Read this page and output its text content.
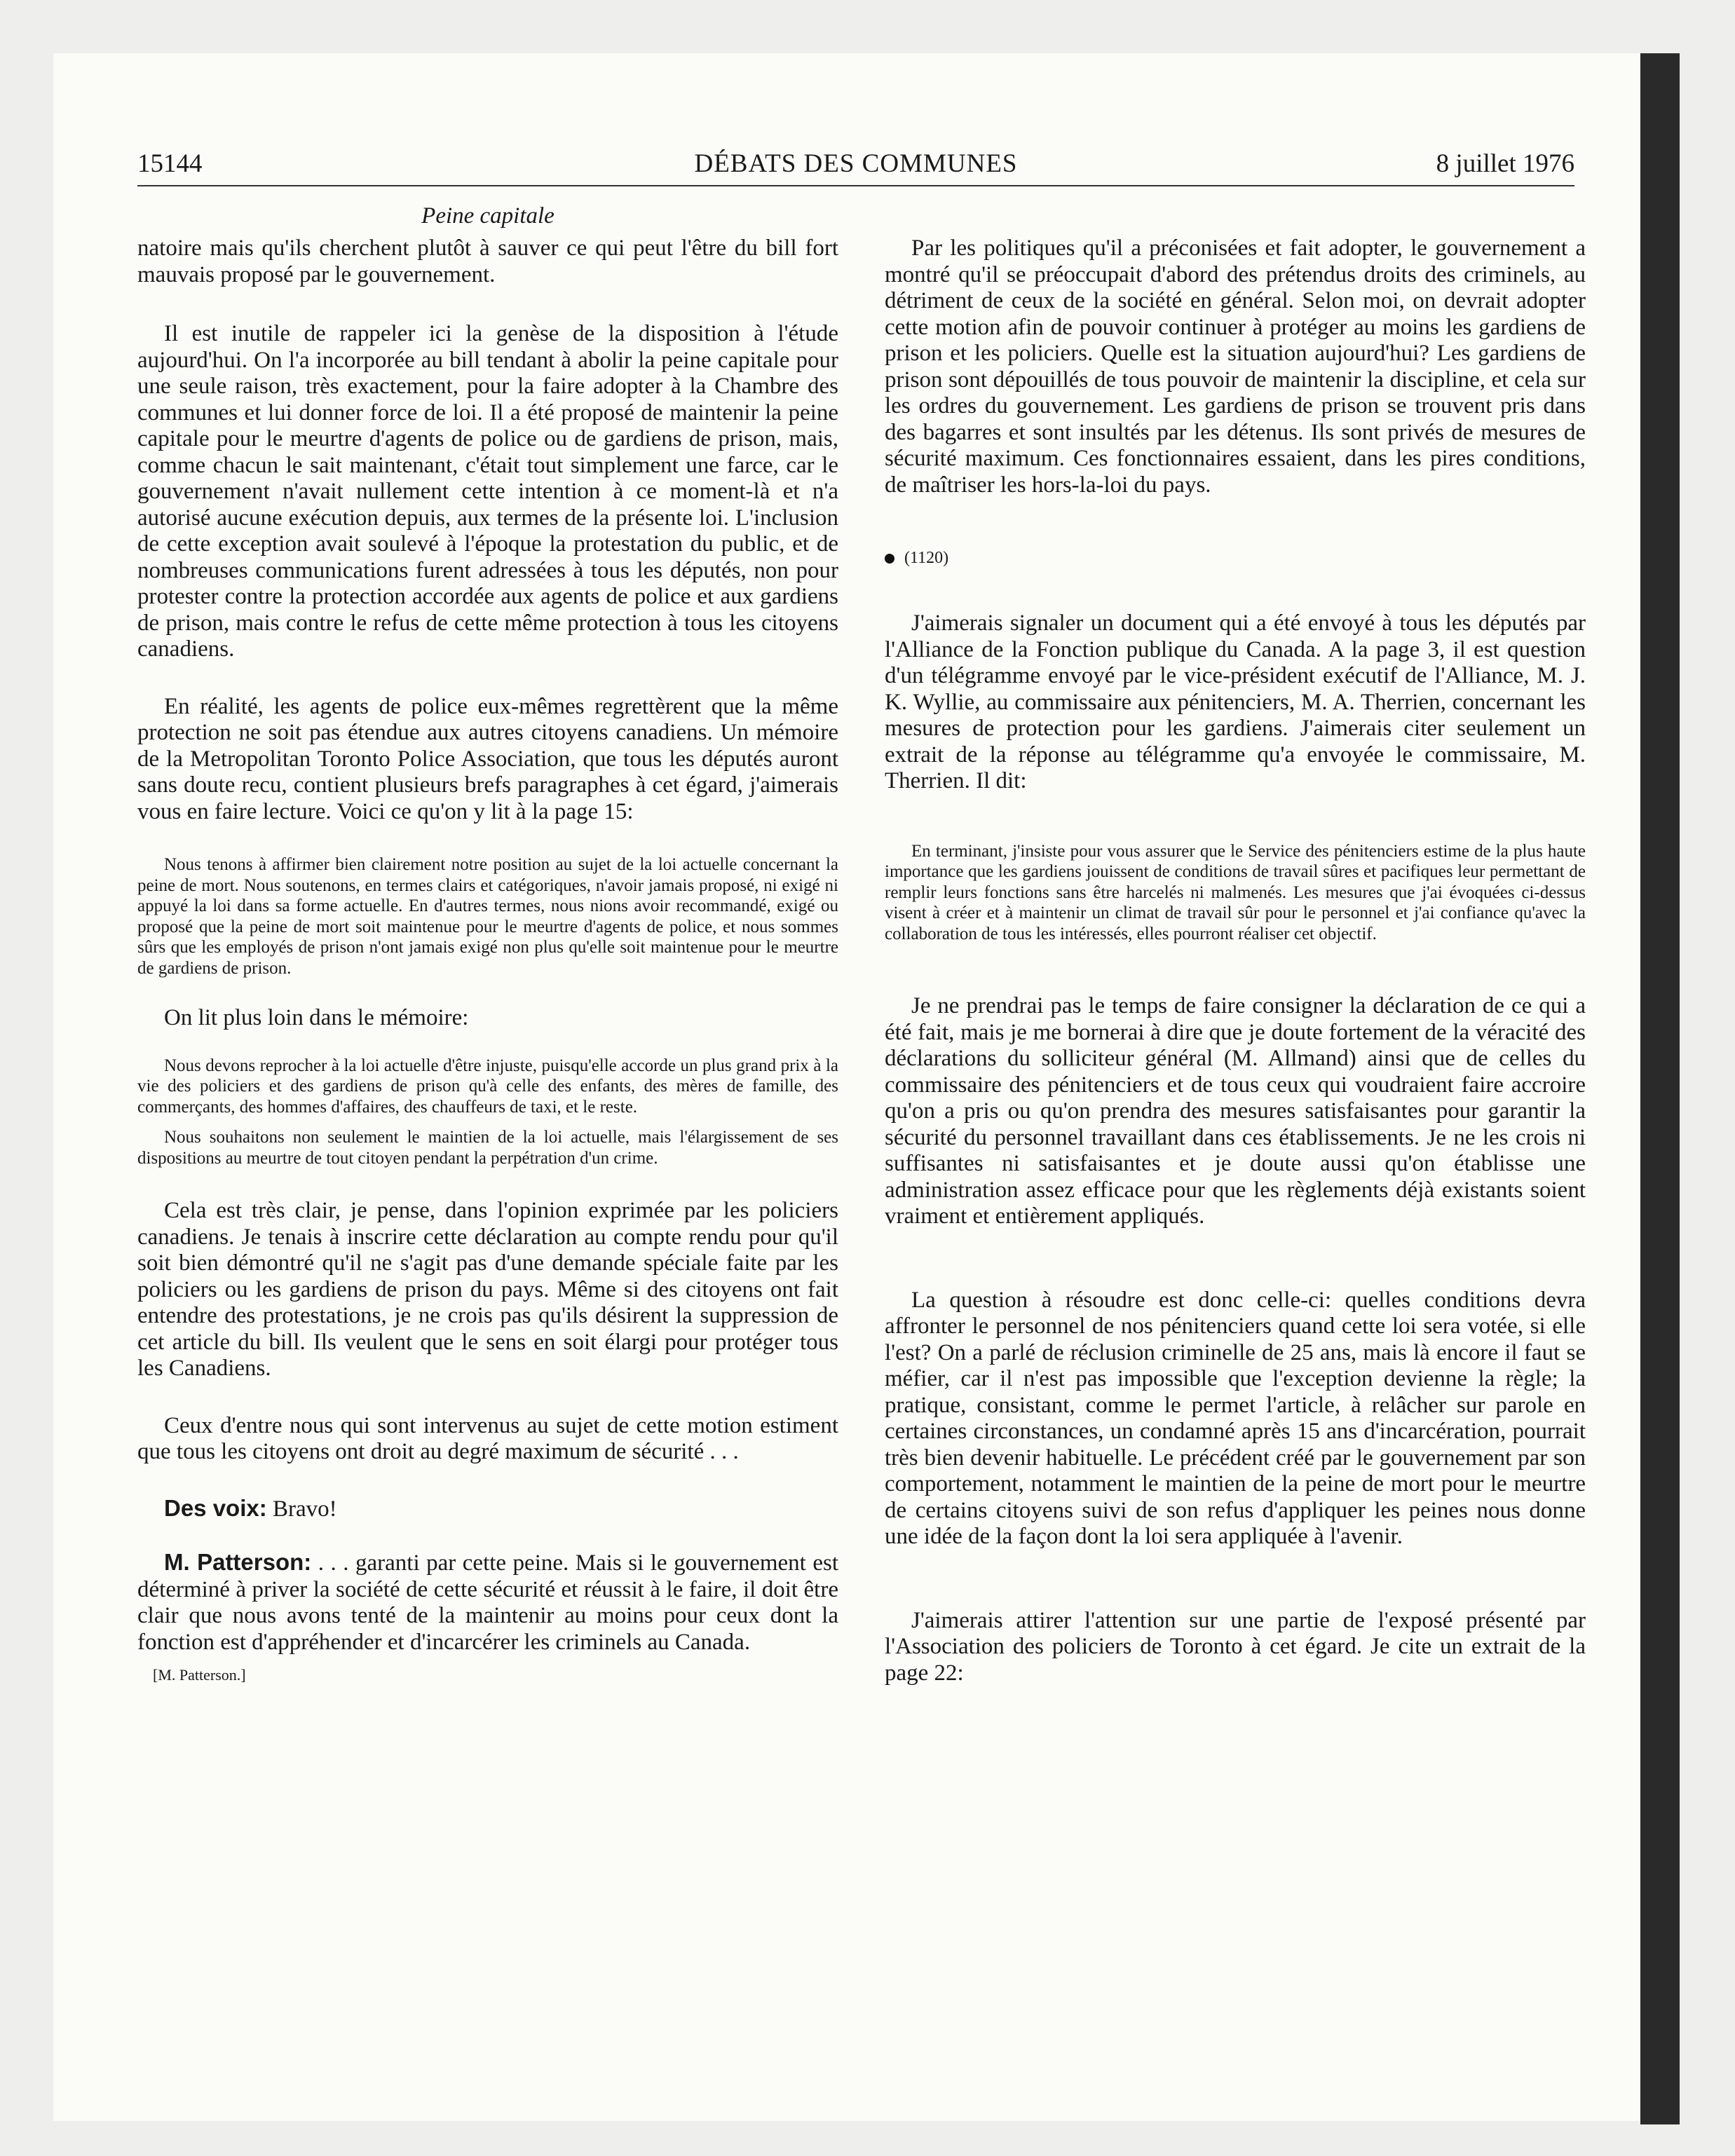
15144	DÉBATS DES COMMUNES	8 juillet 1976
Peine capitale

natoire mais qu'ils cherchent plutôt à sauver ce qui peut l'être du bill fort mauvais proposé par le gouvernement.

Il est inutile de rappeler ici la genèse de la disposition à l'étude aujourd'hui. On l'a incorporée au bill tendant à abolir la peine capitale pour une seule raison, très exactement, pour la faire adopter à la Chambre des communes et lui donner force de loi. Il a été proposé de maintenir la peine capitale pour le meurtre d'agents de police ou de gardiens de prison, mais, comme chacun le sait maintenant, c'était tout simplement une farce, car le gouvernement n'avait nullement cette intention à ce moment-là et n'a autorisé aucune exécution depuis, aux termes de la présente loi. L'inclusion de cette exception avait soulevé à l'époque la protestation du public, et de nombreuses communications furent adressées à tous les députés, non pour protester contre la protection accordée aux agents de police et aux gardiens de prison, mais contre le refus de cette même protection à tous les citoyens canadiens.

En réalité, les agents de police eux-mêmes regrettèrent que la même protection ne soit pas étendue aux autres citoyens canadiens. Un mémoire de la Metropolitan Toronto Police Association, que tous les députés auront sans doute recu, contient plusieurs brefs paragraphes à cet égard, j'aimerais vous en faire lecture. Voici ce qu'on y lit à la page 15:

Nous tenons à affirmer bien clairement notre position au sujet de la loi actuelle concernant la peine de mort. Nous soutenons, en termes clairs et catégoriques, n'avoir jamais proposé, ni exigé ni appuyé la loi dans sa forme actuelle. En d'autres termes, nous nions avoir recommandé, exigé ou proposé que la peine de mort soit maintenue pour le meurtre d'agents de police, et nous sommes sûrs que les employés de prison n'ont jamais exigé non plus qu'elle soit maintenue pour le meurtre de gardiens de prison.

On lit plus loin dans le mémoire:

Nous devons reprocher à la loi actuelle d'être injuste, puisqu'elle accorde un plus grand prix à la vie des policiers et des gardiens de prison qu'à celle des enfants, des mères de famille, des commerçants, des hommes d'affaires, des chauffeurs de taxi, et le reste.

Nous souhaitons non seulement le maintien de la loi actuelle, mais l'élargissement de ses dispositions au meurtre de tout citoyen pendant la perpétration d'un crime.

Cela est très clair, je pense, dans l'opinion exprimée par les policiers canadiens. Je tenais à inscrire cette déclaration au compte rendu pour qu'il soit bien démontré qu'il ne s'agit pas d'une demande spéciale faite par les policiers ou les gardiens de prison du pays. Même si des citoyens ont fait entendre des protestations, je ne crois pas qu'ils désirent la suppression de cet article du bill. Ils veulent que le sens en soit élargi pour protéger tous les Canadiens.

Ceux d'entre nous qui sont intervenus au sujet de cette motion estiment que tous les citoyens ont droit au degré maximum de sécurité . . .

Des voix: Bravo!

M. Patterson: . . . garanti par cette peine. Mais si le gouvernement est déterminé à priver la société de cette sécurité et réussit à le faire, il doit être clair que nous avons tenté de la maintenir au moins pour ceux dont la fonction est d'appréhender et d'incarcérer les criminels au Canada.

[M. Patterson.]

Par les politiques qu'il a préconisées et fait adopter, le gouvernement a montré qu'il se préoccupait d'abord des prétendus droits des criminels, au détriment de ceux de la société en général. Selon moi, on devrait adopter cette motion afin de pouvoir continuer à protéger au moins les gardiens de prison et les policiers. Quelle est la situation aujourd'hui? Les gardiens de prison sont dépouillés de tous pouvoir de maintenir la discipline, et cela sur les ordres du gouvernement. Les gardiens de prison se trouvent pris dans des bagarres et sont insultés par les détenus. Ils sont privés de mesures de sécurité maximum. Ces fonctionnaires essaient, dans les pires conditions, de maîtriser les hors-la-loi du pays.

(1120)

J'aimerais signaler un document qui a été envoyé à tous les députés par l'Alliance de la Fonction publique du Canada. A la page 3, il est question d'un télégramme envoyé par le vice-président exécutif de l'Alliance, M. J. K. Wyllie, au commissaire aux pénitenciers, M. A. Therrien, concernant les mesures de protection pour les gardiens. J'aimerais citer seulement un extrait de la réponse au télégramme qu'a envoyée le commissaire, M. Therrien. Il dit:

En terminant, j'insiste pour vous assurer que le Service des pénitenciers estime de la plus haute importance que les gardiens jouissent de conditions de travail sûres et pacifiques leur permettant de remplir leurs fonctions sans être harcelés ni malmenés. Les mesures que j'ai évoquées ci-dessus visent à créer et à maintenir un climat de travail sûr pour le personnel et j'ai confiance qu'avec la collaboration de tous les intéressés, elles pourront réaliser cet objectif.

Je ne prendrai pas le temps de faire consigner la déclaration de ce qui a été fait, mais je me bornerai à dire que je doute fortement de la véracité des déclarations du solliciteur général (M. Allmand) ainsi que de celles du commissaire des pénitenciers et de tous ceux qui voudraient faire accroire qu'on a pris ou qu'on prendra des mesures satisfaisantes pour garantir la sécurité du personnel travaillant dans ces établissements. Je ne les crois ni suffisantes ni satisfaisantes et je doute aussi qu'on établisse une administration assez efficace pour que les règlements déjà existants soient vraiment et entièrement appliqués.

La question à résoudre est donc celle-ci: quelles conditions devra affronter le personnel de nos pénitenciers quand cette loi sera votée, si elle l'est? On a parlé de réclusion criminelle de 25 ans, mais là encore il faut se méfier, car il n'est pas impossible que l'exception devienne la règle; la pratique, consistant, comme le permet l'article, à relâcher sur parole en certaines circonstances, un condamné après 15 ans d'incarcération, pourrait très bien devenir habituelle. Le précédent créé par le gouvernement par son comportement, notamment le maintien de la peine de mort pour le meurtre de certains citoyens suivi de son refus d'appliquer les peines nous donne une idée de la façon dont la loi sera appliquée à l'avenir.

J'aimerais attirer l'attention sur une partie de l'exposé présenté par l'Association des policiers de Toronto à cet égard. Je cite un extrait de la page 22:
